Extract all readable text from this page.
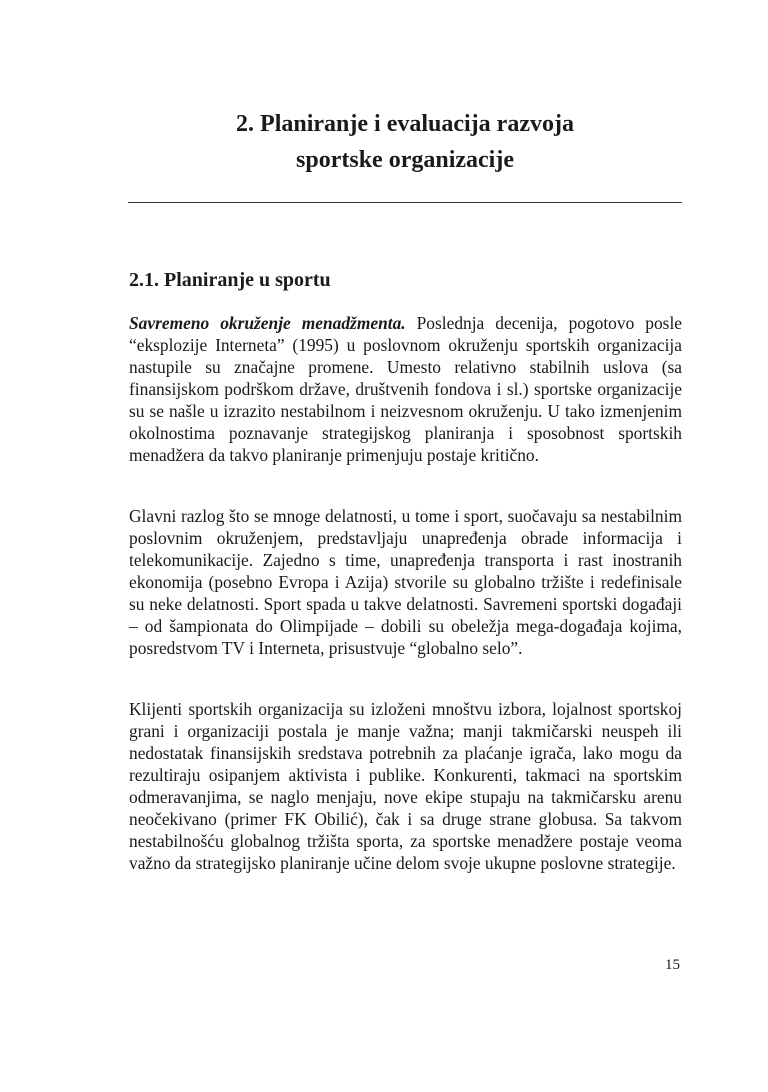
2. Planiranje i evaluacija razvoja
sportske organizacije
2.1. Planiranje u sportu

Savremeno okruženje menadžmenta. Poslednja decenija, pogotovo posle “eksplozije Interneta” (1995) u poslovnom okruženju sportskih organizacija nastupile su značajne promene. Umesto relativno stabilnih uslova (sa finansijskom podrškom države, društvenih fondova i sl.) sportske organizacije su se našle u izrazito nestabilnom i neizvesnom okruženju. U tako izmenjenim okolnostima poznavanje strategijskog planiranja i sposobnost sportskih menadžera da takvo planiranje primenjuju postaje kritično.

Glavni razlog što se mnoge delatnosti, u tome i sport, suočavaju sa nestabilnim poslovnim okruženjem, predstavljaju unapređenja obrade informacija i telekomunikacije. Zajedno s time, unapređenja transporta i rast inostranih ekonomija (posebno Evropa i Azija) stvorile su globalno tržište i redefinisale su neke delatnosti. Sport spada u takve delatnosti. Savremeni sportski događaji – od šampionata do Olimpijade – dobili su obeležja mega-događaja kojima, posredstvom TV i Interneta, prisustvuje “globalno selo”.

Klijenti sportskih organizacija su izloženi mnoštvu izbora, lojalnost sportskoj grani i organizaciji postala je manje važna; manji takmičarski neuspeh ili nedostatak finansijskih sredstava potrebnih za plaćanje igrača, lako mogu da rezultiraju osipanjem aktivista i publike. Konkurenti, takmaci na sportskim odmeravanjima, se naglo menjaju, nove ekipe stupaju na takmičarsku arenu neočekivano (primer FK Obilić), čak i sa druge strane globusa. Sa takvom nestabilnošću globalnog tržišta sporta, za sportske menadžere postaje veoma važno da strategijsko planiranje učine delom svoje ukupne poslovne strategije.

15
